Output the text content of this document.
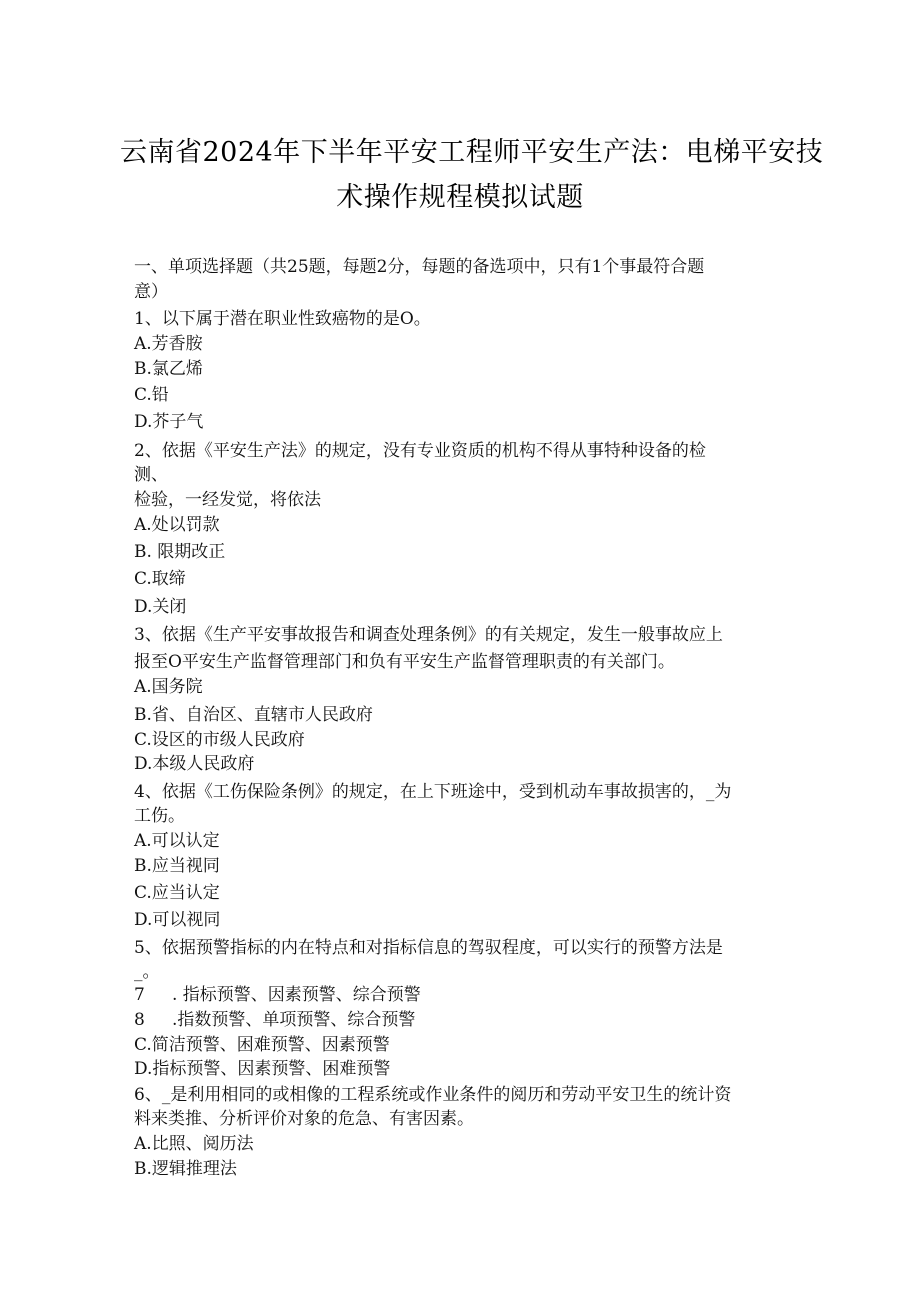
云南省2024年下半年平安工程师平安生产法：电梯平安技
术操作规程模拟试题
一、单项选择题（共25题，每题2分，每题的备选项中，只有1个事最符合题
意）
1、以下属于潜在职业性致癌物的是O。
A.芳香胺
B.氯乙烯
C.铅
D.芥子气
2、依据《平安生产法》的规定，没有专业资质的机构不得从事特种设备的检
测、
检验，一经发觉，将依法
A.处以罚款
B. 限期改正
C.取缔
D.关闭
3、依据《生产平安事故报告和调查处理条例》的有关规定，发生一般事故应上
报至O平安生产监督管理部门和负有平安生产监督管理职责的有关部门。
A.国务院
B.省、自治区、直辖市人民政府
C.设区的市级人民政府
D.本级人民政府
4、依据《工伤保险条例》的规定，在上下班途中，受到机动车事故损害的，_为
工伤。
A.可以认定
B.应当视同
C.应当认定
D.可以视同
5、依据预警指标的内在特点和对指标信息的驾驭程度，可以实行的预警方法是
_。
7 . 指标预警、因素预警、综合预警
8 .指数预警、单项预警、综合预警
C.简洁预警、困难预警、因素预警
D.指标预警、因素预警、困难预警
6、_是利用相同的或相像的工程系统或作业条件的阅历和劳动平安卫生的统计资
料来类推、分析评价对象的危急、有害因素。
A.比照、阅历法
B.逻辑推理法
